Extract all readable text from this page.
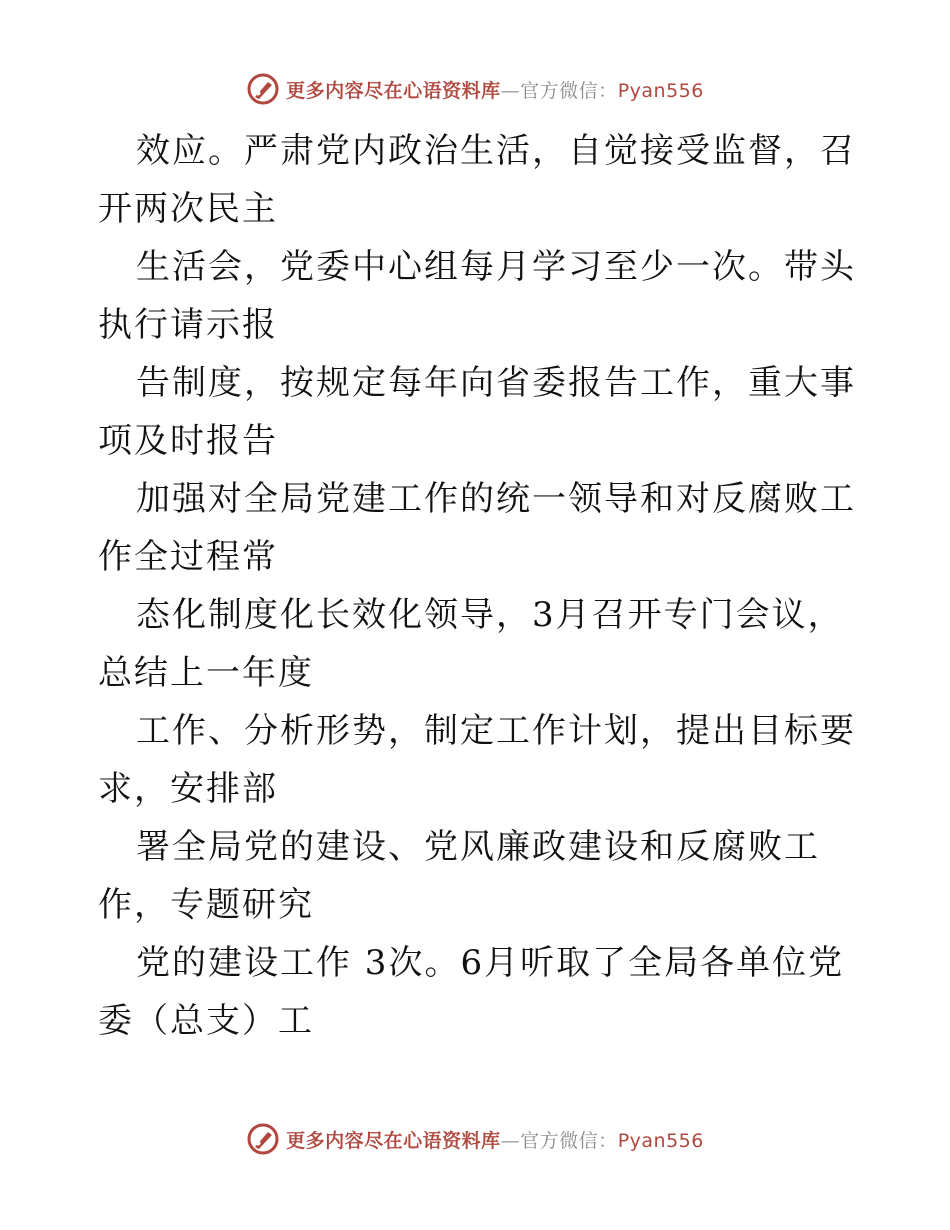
更多内容尽在心语资料库—官方微信：Pyan556

效应。严肃党内政治生活，自觉接受监督，召开两次民主

生活会，党委中心组每月学习至少一次。带头执行请示报

告制度，按规定每年向省委报告工作，重大事项及时报告

加强对全局党建工作的统一领导和对反腐败工作全过程常

态化制度化长效化领导，3月召开专门会议，总结上一年度

工作、分析形势，制定工作计划，提出目标要求，安排部

署全局党的建设、党风廉政建设和反腐败工作，专题研究

党的建设工作 3次。6月听取了全局各单位党委（总支）工

更多内容尽在心语资料库—官方微信：Pyan556
